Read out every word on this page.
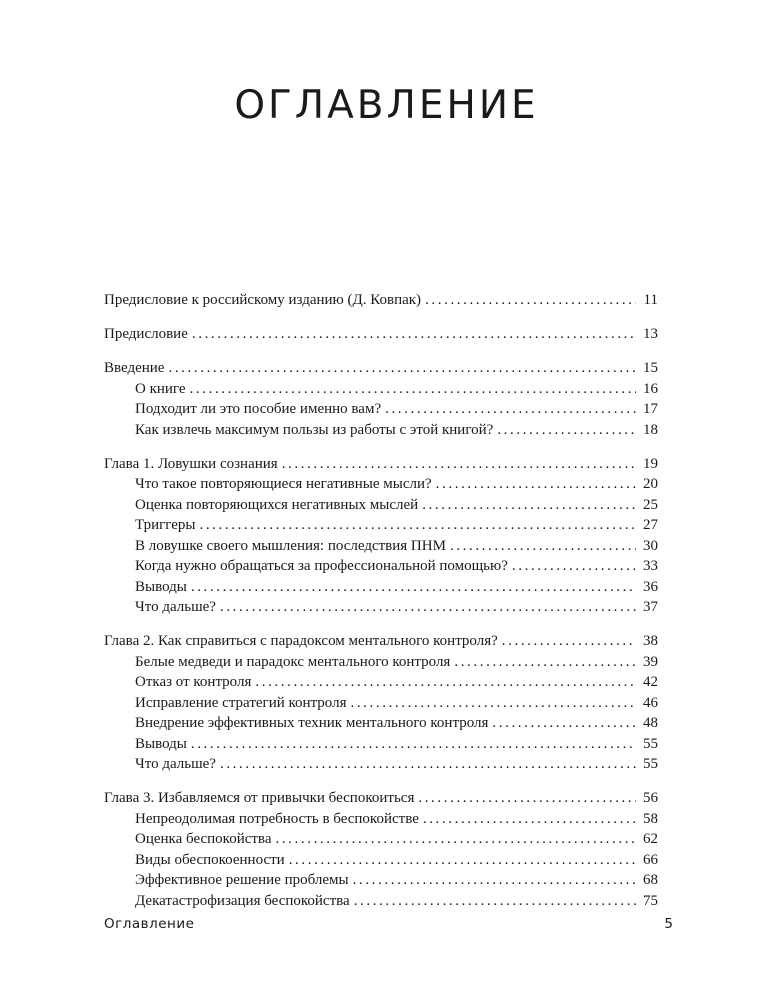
ОГЛАВЛЕНИЕ
Предисловие к российскому изданию (Д. Ковпак) .....	11
Предисловие .....	13
Введение .....	15
О книге .....	16
Подходит ли это пособие именно вам? .....	17
Как извлечь максимум пользы из работы с этой книгой? .....	18
Глава 1. Ловушки сознания .....	19
Что такое повторяющиеся негативные мысли? .....	20
Оценка повторяющихся негативных мыслей .....	25
Триггеры .....	27
В ловушке своего мышления: последствия ПНМ .....	30
Когда нужно обращаться за профессиональной помощью? .....	33
Выводы .....	36
Что дальше? .....	37
Глава 2. Как справиться с парадоксом ментального контроля? .....	38
Белые медведи и парадокс ментального контроля .....	39
Отказ от контроля .....	42
Исправление стратегий контроля .....	46
Внедрение эффективных техник ментального контроля .....	48
Выводы .....	55
Что дальше? .....	55
Глава 3. Избавляемся от привычки беспокоиться .....	56
Непреодолимая потребность в беспокойстве .....	58
Оценка беспокойства .....	62
Виды обеспокоенности .....	66
Эффективное решение проблемы .....	68
Декатастрофизация беспокойства .....	75
Оглавление	5
